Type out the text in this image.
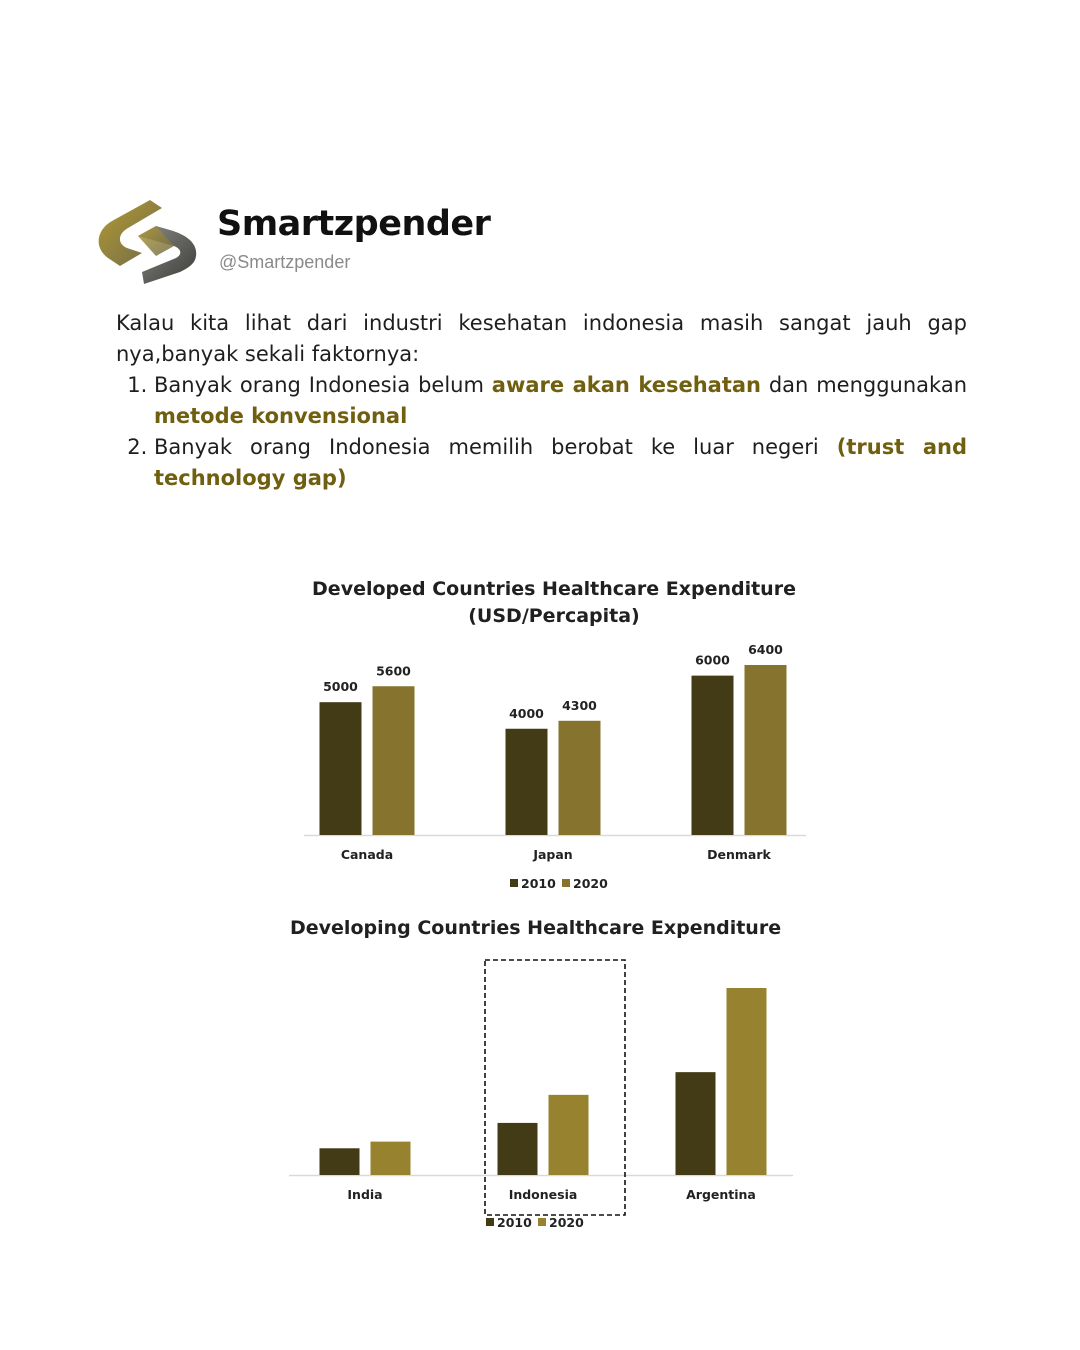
Smartzpender
@Smartzpender

Kalau kita lihat dari industri kesehatan indonesia masih sangat jauh gap nya,banyak sekali faktornya:

1. Banyak orang Indonesia belum aware akan kesehatan dan menggunakan metode konvensional
2. Banyak orang Indonesia memilih berobat ke luar negeri (trust and technology gap)
Developed Countries Healthcare Expenditure
(USD/Percapita)
Developing Countries Healthcare Expenditure
5000
5600
Canada
4000
4300
Japan
6000
6400
Denmark
2010 2020
India	Indonesia	Argentina
2010 2020
